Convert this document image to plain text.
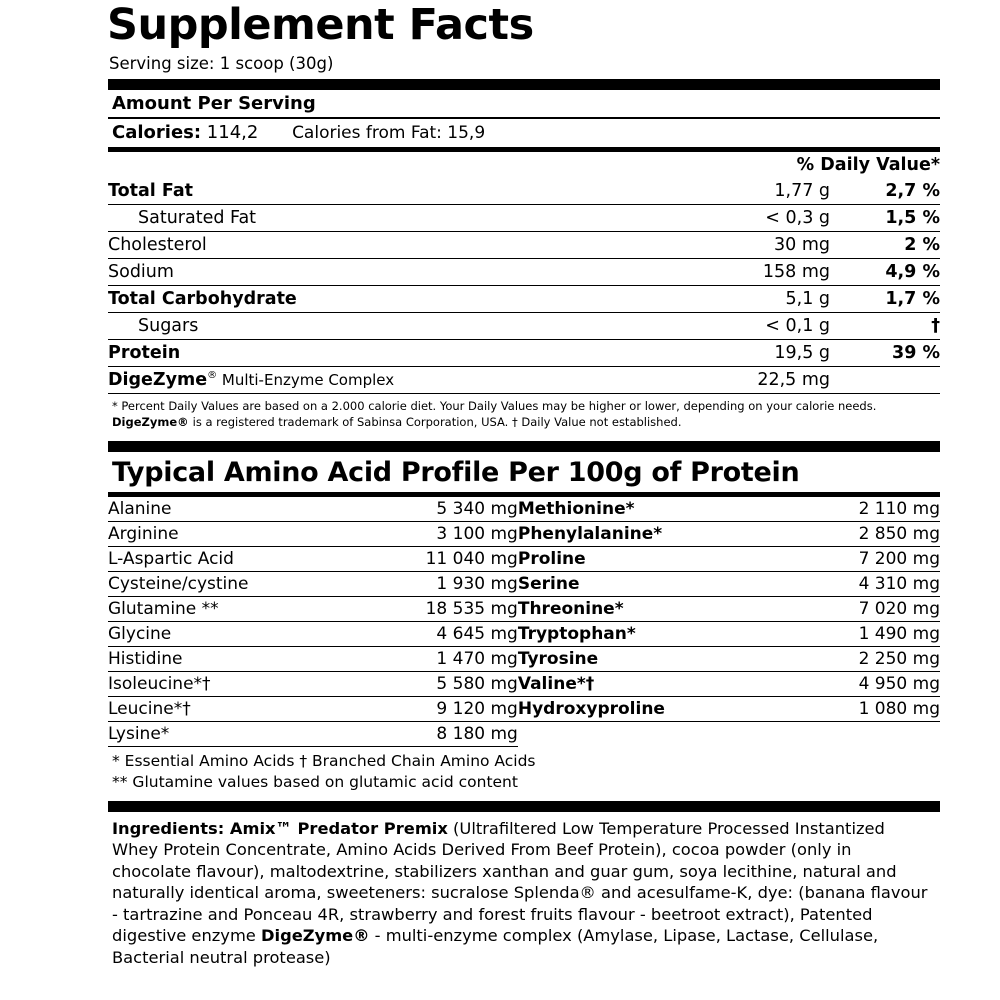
Supplement Facts
Serving size: 1 scoop (30g)
Amount Per Serving
Calories: 114,2 Calories from Fat: 15,9
% Daily Value*		
Total Fat	1,77 g	2,7 %
Saturated Fat	< 0,3 g	1,5 %
Cholesterol	30 mg	2 %
Sodium	158 mg	4,9 %
Total Carbohydrate	5,1 g	1,7 %
Sugars	< 0,1 g	†
Protein	19,5 g	39 %
DigeZyme® Multi-Enzyme Complex	22,5 mg	
* Percent Daily Values are based on a 2.000 calorie diet. Your Daily Values may be higher or lower, depending on your calorie needs.
DigeZyme® is a registered trademark of Sabinsa Corporation, USA. † Daily Value not established.
Typical Amino Acid Profile Per 100g of Protein
Alanine	5 340 mg	Methionine*	2 110 mg
Arginine	3 100 mg	Phenylalanine*	2 850 mg
L-Aspartic Acid	11 040 mg	Proline	7 200 mg
Cysteine/cystine	1 930 mg	Serine	4 310 mg
Glutamine **	18 535 mg	Threonine*	7 020 mg
Glycine	4 645 mg	Tryptophan*	1 490 mg
Histidine	1 470 mg	Tyrosine	2 250 mg
Isoleucine*†	5 580 mg	Valine*†	4 950 mg
Leucine*†	9 120 mg	Hydroxyproline	1 080 mg
Lysine*	8 180 mg		
* Essential Amino Acids † Branched Chain Amino Acids
** Glutamine values based on glutamic acid content
Ingredients: Amix™ Predator Premix (Ultrafiltered Low Temperature Processed Instantized Whey Protein Concentrate, Amino Acids Derived From Beef Protein), cocoa powder (only in chocolate flavour), maltodextrine, stabilizers xanthan and guar gum, soya lecithine, natural and naturally identical aroma, sweeteners: sucralose Splenda® and acesulfame-K, dye: (banana flavour - tartrazine and Ponceau 4R, strawberry and forest fruits flavour - beetroot extract), Patented digestive enzyme DigeZyme® - multi-enzyme complex (Amylase, Lipase, Lactase, Cellulase, Bacterial neutral protease)
